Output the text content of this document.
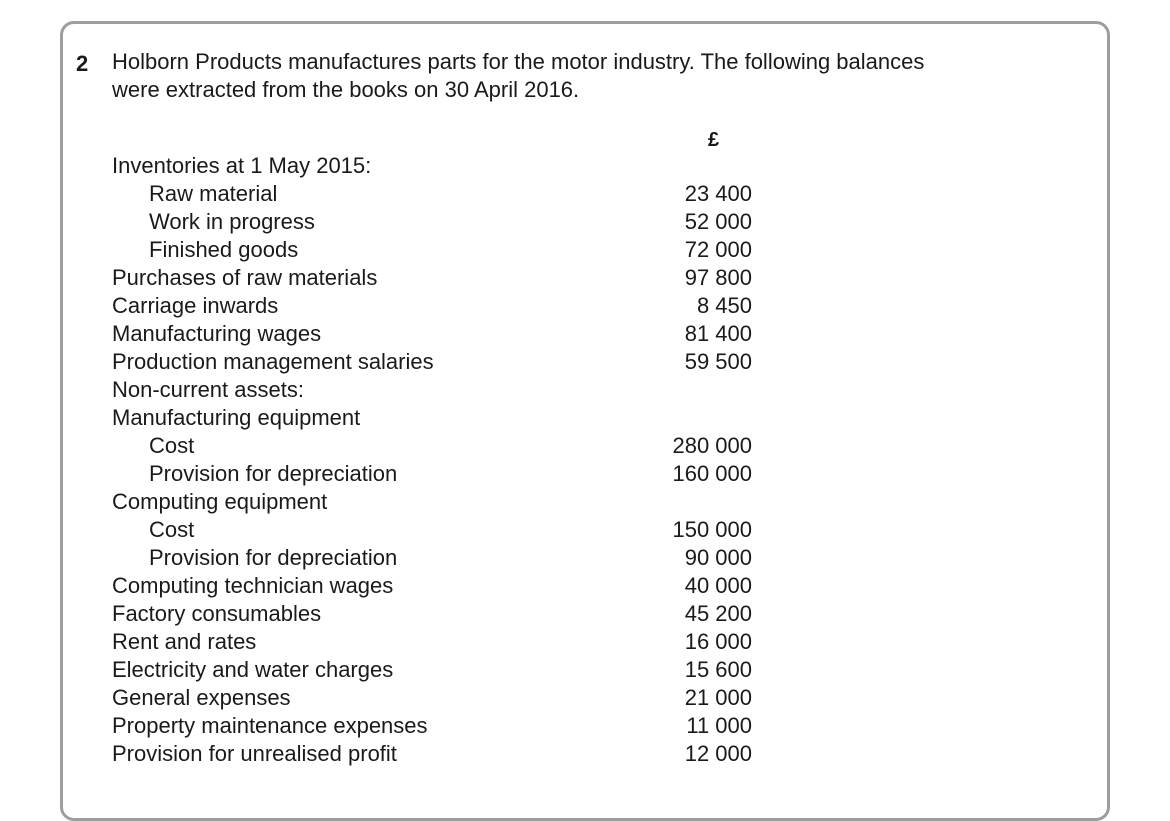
2 Holborn Products manufactures parts for the motor industry. The following balances
were extracted from the books on 30 April 2016.
£
Inventories at 1 May 2015:
Raw material	23 400
Work in progress	52 000
Finished goods	72 000
Purchases of raw materials	97 800
Carriage inwards	8 450
Manufacturing wages	81 400
Production management salaries	59 500
Non-current assets:
Manufacturing equipment
Cost	280 000
Provision for depreciation	160 000
Computing equipment
Cost	150 000
Provision for depreciation	90 000
Computing technician wages	40 000
Factory consumables	45 200
Rent and rates	16 000
Electricity and water charges	15 600
General expenses	21 000
Property maintenance expenses	11 000
Provision for unrealised profit	12 000
